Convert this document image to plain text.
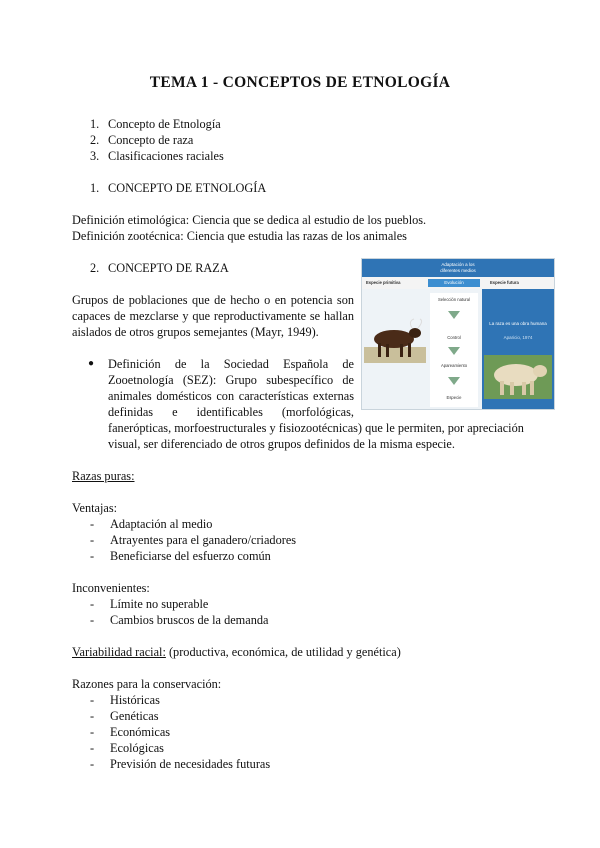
TEMA 1 - CONCEPTOS DE ETNOLOGÍA
1. Concepto de Etnología
2. Concepto de raza
3. Clasificaciones raciales
1. CONCEPTO DE ETNOLOGÍA
Definición etimológica: Ciencia que se dedica al estudio de los pueblos.
Definición zootécnica: Ciencia que estudia las razas de los animales
2. CONCEPTO DE RAZA
Grupos de poblaciones que de hecho o en potencia son
capaces de mezclarse y que reproductivamente se hallan
aislados de otros grupos semejantes (Mayr, 1949).
● Definición de la Sociedad Española de
Zooetnología (SEZ): Grupo subespecífico de
animales domésticos con características externas
definidas e identificables (morfológicas,
fanerópticas, morfoestructurales y fisiozootécnicas) que le permiten, por apreciación
visual, ser diferenciado de otros grupos definidos de la misma especie.
Adaptación a los
diferentes medios
Especie primitiva	Evolución	Especie futura
Selección natural
Control
Apareamiento
Especie
La raza es una obra humana
Aparicio, 1974
Razas puras:
Ventajas:
- Adaptación al medio
- Atrayentes para el ganadero/criadores
- Beneficiarse del esfuerzo común
Inconvenientes:
- Límite no superable
- Cambios bruscos de la demanda
Variabilidad racial: (productiva, económica, de utilidad y genética)
Razones para la conservación:
- Históricas
- Genéticas
- Económicas
- Ecológicas
- Previsión de necesidades futuras
